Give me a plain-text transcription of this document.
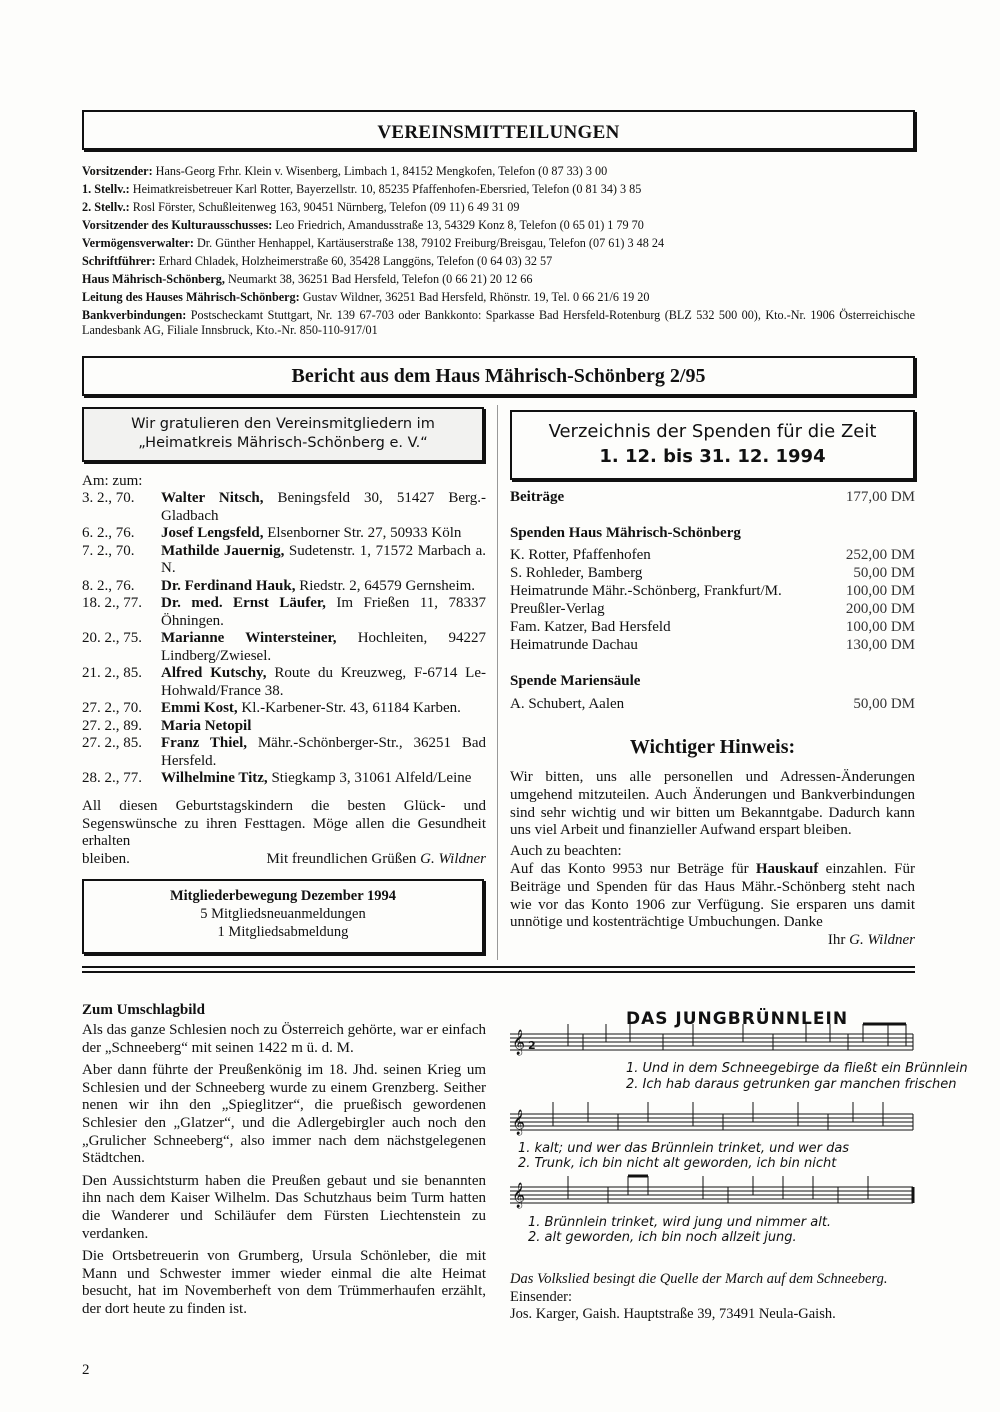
VEREINSMITTEILUNGEN

Vorsitzender: Hans-Georg Frhr. Klein v. Wisenberg, Limbach 1, 84152 Mengkofen, Telefon (0 87 33) 3 00

1. Stellv.: Heimatkreisbetreuer Karl Rotter, Bayerzellstr. 10, 85235 Pfaffenhofen-Ebersried, Telefon (0 81 34) 3 85

2. Stellv.: Rosl Förster, Schußleitenweg 163, 90451 Nürnberg, Telefon (09 11) 6 49 31 09

Vorsitzender des Kulturausschusses: Leo Friedrich, Amandusstraße 13, 54329 Konz 8, Telefon (0 65 01) 1 79 70

Vermögensverwalter: Dr. Günther Henhappel, Kartäuserstraße 138, 79102 Freiburg/Breisgau, Telefon (07 61) 3 48 24

Schriftführer: Erhard Chladek, Holzheimerstraße 60, 35428 Langgöns, Telefon (0 64 03) 32 57

Haus Mährisch-Schönberg, Neumarkt 38, 36251 Bad Hersfeld, Telefon (0 66 21) 20 12 66

Leitung des Hauses Mährisch-Schönberg: Gustav Wildner, 36251 Bad Hersfeld, Rhönstr. 19, Tel. 0 66 21/6 19 20

Bankverbindungen: Postscheckamt Stuttgart, Nr. 139 67-703 oder Bankkonto: Sparkasse Bad Hersfeld-Rotenburg (BLZ 532 500 00), Kto.-Nr. 1906 Österreichische Landesbank AG, Filiale Innsbruck, Kto.-Nr. 850-110-917/01

Bericht aus dem Haus Mährisch-Schönberg 2/95
Wir gratulieren den Vereinsmitgliedern im
„Heimatkreis Mährisch-Schönberg e. V.“
Am: zum:
3. 2., 70.	Walter Nitsch, Beningsfeld 30, 51427 Berg.-Gladbach
6. 2., 76.	Josef Lengsfeld, Elsenborner Str. 27, 50933 Köln
7. 2., 70.	Mathilde Jauernig, Sudetenstr. 1, 71572 Marbach a. N.
8. 2., 76.	Dr. Ferdinand Hauk, Riedstr. 2, 64579 Gernsheim.
18. 2., 77.	Dr. med. Ernst Läufer, Im Frießen 11, 78337 Öhningen.
20. 2., 75.	Marianne Wintersteiner, Hochleiten, 94227 Lindberg/Zwiesel.
21. 2., 85.	Alfred Kutschy, Route du Kreuzweg, F-6714 Le-Hohwald/France 38.
27. 2., 70.	Emmi Kost, Kl.-Karbener-Str. 43, 61184 Karben.
27. 2., 89.	Maria Netopil
27. 2., 85.	Franz Thiel, Mähr.-Schönberger-Str., 36251 Bad Hersfeld.
28. 2., 77.	Wilhelmine Titz, Stiegkamp 3, 31061 Alfeld/Leine
All diesen Geburtstagskindern die besten Glück- und Segenswünsche zu ihren Festtagen. Möge allen die Gesundheit erhalten
bleiben.	Mit freundlichen Grüßen G. Wildner
Mitgliederbewegung Dezember 1994
5 Mitgliedsneuanmeldungen
1 Mitgliedsabmeldung
Verzeichnis der Spenden für die Zeit
1. 12. bis 31. 12. 1994
Beiträge	177,00 DM
Spenden Haus Mährisch-Schönberg
K. Rotter, Pfaffenhofen	252,00 DM
S. Rohleder, Bamberg	50,00 DM
Heimatrunde Mähr.-Schönberg, Frankfurt/M.	100,00 DM
Preußler-Verlag	200,00 DM
Fam. Katzer, Bad Hersfeld	100,00 DM
Heimatrunde Dachau	130,00 DM
Spende Mariensäule
A. Schubert, Aalen	50,00 DM
Wichtiger Hinweis:

Wir bitten, uns alle personellen und Adressen-Änderungen umgehend mitzuteilen. Auch Änderungen und Bankverbindungen sind sehr wichtig und wir bitten um Bekanntgabe. Dadurch kann uns viel Arbeit und finanzieller Aufwand erspart bleiben.

Auch zu beachten:

Auf das Konto 9953 nur Beträge für Hauskauf einzahlen. Für Beiträge und Spenden für das Haus Mähr.-Schönberg steht nach wie vor das Konto 1906 zur Verfügung. Sie ersparen uns damit unnötige und kostenträchtige Umbuchungen. Danke

Ihr G. Wildner

Zum Umschlagbild

Als das ganze Schlesien noch zu Österreich gehörte, war er einfach der „Schneeberg“ mit seinen 1422 m ü. d. M.

Aber dann führte der Preußenkönig im 18. Jhd. seinen Krieg um Schlesien und der Schneeberg wurde zu einem Grenzberg. Seither nenen wir ihn den „Spieglitzer“, die prueßisch gewordenen Schlesier den „Glatzer“, und die Adlergebirgler auch noch den „Grulicher Schneeberg“, also immer nach dem nächstgelegenen Städtchen.

Den Aussichtsturm haben die Preußen gebaut und sie benannten ihn nach dem Kaiser Wilhelm. Das Schutzhaus beim Turm hatten die Wanderer und Schiläufer dem Fürsten Liechtenstein zu verdanken.

Die Ortsbetreuerin von Grumberg, Ursula Schönleber, die mit Mann und Schwester immer wieder einmal die alte Heimat besucht, hat im Novemberheft von dem Trümmerhaufen erzählt, der dort heute zu finden ist.

DAS JUNGBRÜNNLEIN
𝄞 2
1. Und in dem Schneegebirge da fließt ein Brünnlein
2. Ich hab daraus getrunken gar manchen frischen
𝄞
1. kalt; und wer das Brünnlein trinket, und wer das
2. Trunk, ich bin nicht alt geworden, ich bin nicht
𝄞
1. Brünnlein trinket, wird jung und nimmer alt.
2. alt geworden, ich bin noch allzeit jung.
Das Volkslied besingt die Quelle der March auf dem Schneeberg.
Einsender:
Jos. Karger, Gaish. Hauptstraße 39, 73491 Neula-Gaish.
2
